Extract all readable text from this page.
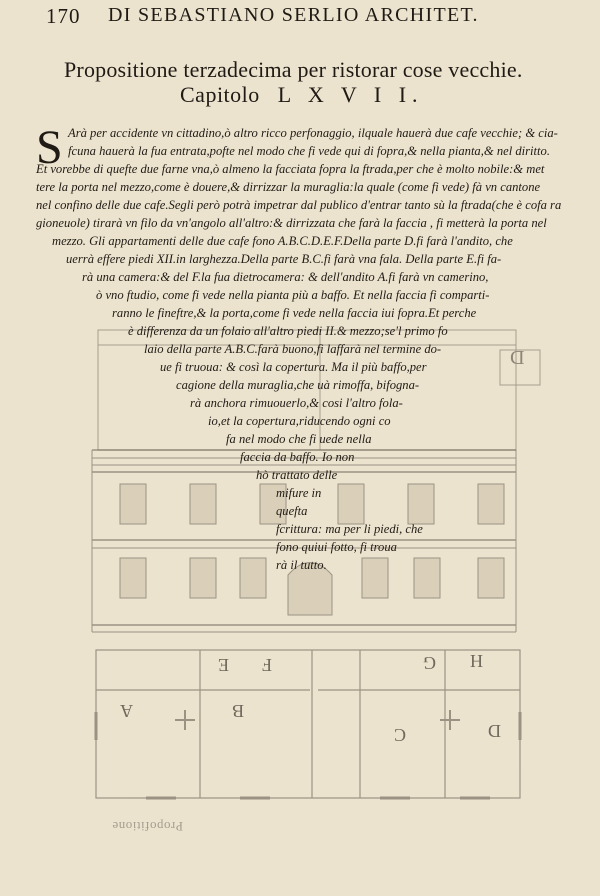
170 DI SEBASTIANO SERLIO ARCHITET.
Propositione terzadecima per ristorar cose vecchie.
Capitolo L X V I I.
D
E F
A	B
H
G
D
C
Propofitione
S Arà per accidente vn cittadino,ò altro ricco perfonaggio, ilquale hauerà due cafe vecchie; & cia-
fcuna hauerà la fua entrata,pofte nel modo che fi vede qui di fopra,& nella pianta,& nel diritto.
Et vorebbe di quefte due farne vna,ò almeno la facciata fopra la ftrada,per che è molto nobile:& met
tere la porta nel mezzo,come è douere,& dirrizzar la muraglia:la quale (come fi vede) fà vn cantone
nel confino delle due cafe.Segli però potrà impetrar dal publico d'entrar tanto sù la ftrada(che è cofa ra
gioneuole) tirarà vn filo da vn'angolo all'altro:& dirrizzata che farà la faccia , fi metterà la porta nel
mezzo. Gli appartamenti delle due cafe fono A.B.C.D.E.F.Della parte D.fi farà l'andito, che
uerrà effere piedi XII.in larghezza.Della parte B.C.fi farà vna fala. Della parte E.fi fa-
rà una camera:& del F.la fua dietrocamera: & dell'andito A.fi farà vn camerino,
ò vno ftudio, come fi vede nella pianta più a baffo. Et nella faccia fi comparti-
ranno le fineftre,& la porta,come fi vede nella faccia iui fopra.Et perche
è differenza da un folaio all'altro piedi II.& mezzo;se'l primo fo
laio della parte A.B.C.farà buono,fi laffarà nel termine do-
ue fi truoua: & così la copertura. Ma il più baffo,per
cagione della muraglia,che uà rimoffa, bifogna-
rà anchora rimuouerlo,& cosi l'altro fola-
io,et la copertura,riducendo ogni co
fa nel modo che fi uede nella
faccia da baffo. Io non
hò trattato delle
mifure in
quefta
fcrittura: ma per li piedi, che
fono quiui fotto, fi troua
rà il tutto.
